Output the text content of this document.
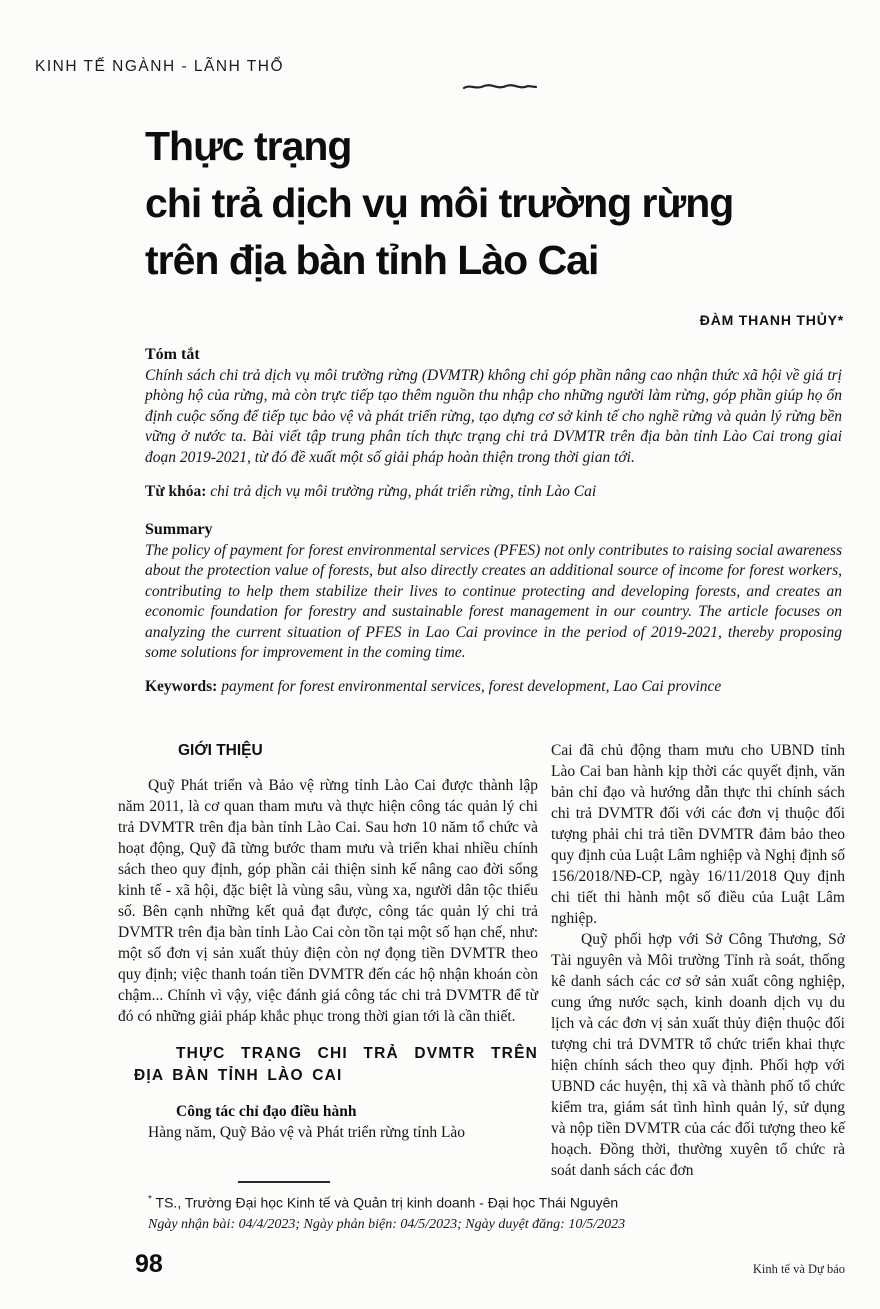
KINH TẾ NGÀNH - LÃNH THỔ
Thực trạng
chi trả dịch vụ môi trường rừng
trên địa bàn tỉnh Lào Cai
ĐÀM THANH THỦY*
Tóm tắt

Chính sách chi trả dịch vụ môi trường rừng (DVMTR) không chỉ góp phần nâng cao nhận thức xã hội về giá trị phòng hộ của rừng, mà còn trực tiếp tạo thêm nguồn thu nhập cho những người làm rừng, góp phần giúp họ ổn định cuộc sống để tiếp tục bảo vệ và phát triển rừng, tạo dựng cơ sở kinh tế cho nghề rừng và quản lý rừng bền vững ở nước ta. Bài viết tập trung phân tích thực trạng chi trả DVMTR trên địa bàn tỉnh Lào Cai trong giai đoạn 2019-2021, từ đó đề xuất một số giải pháp hoàn thiện trong thời gian tới.

Từ khóa: chi trả dịch vụ môi trường rừng, phát triển rừng, tỉnh Lào Cai

Summary

The policy of payment for forest environmental services (PFES) not only contributes to raising social awareness about the protection value of forests, but also directly creates an additional source of income for forest workers, contributing to help them stabilize their lives to continue protecting and developing forests, and creates an economic foundation for forestry and sustainable forest management in our country. The article focuses on analyzing the current situation of PFES in Lao Cai province in the period of 2019-2021, thereby proposing some solutions for improvement in the coming time.

Keywords: payment for forest environmental services, forest development, Lao Cai province

GIỚI THIỆU

Quỹ Phát triển và Bảo vệ rừng tỉnh Lào Cai được thành lập năm 2011, là cơ quan tham mưu và thực hiện công tác quản lý chi trả DVMTR trên địa bàn tỉnh Lào Cai. Sau hơn 10 năm tổ chức và hoạt động, Quỹ đã từng bước tham mưu và triển khai nhiều chính sách theo quy định, góp phần cải thiện sinh kế nâng cao đời sống kinh tế - xã hội, đặc biệt là vùng sâu, vùng xa, người dân tộc thiểu số. Bên cạnh những kết quả đạt được, công tác quản lý chi trả DVMTR trên địa bàn tỉnh Lào Cai còn tồn tại một số hạn chế, như: một số đơn vị sản xuất thủy điện còn nợ đọng tiền DVMTR theo quy định; việc thanh toán tiền DVMTR đến các hộ nhận khoán còn chậm... Chính vì vậy, việc đánh giá công tác chi trả DVMTR để từ đó có những giải pháp khắc phục trong thời gian tới là cần thiết.

THỰC TRẠNG CHI TRẢ DVMTR TRÊN ĐỊA BÀN TỈNH LÀO CAI
Công tác chỉ đạo điều hành

Hàng năm, Quỹ Bảo vệ và Phát triển rừng tỉnh Lào

Cai đã chủ động tham mưu cho UBND tỉnh Lào Cai ban hành kịp thời các quyết định, văn bản chỉ đạo và hướng dẫn thực thi chính sách chi trả DVMTR đối với các đơn vị thuộc đối tượng phải chi trả tiền DVMTR đảm bảo theo quy định của Luật Lâm nghiệp và Nghị định số 156/2018/NĐ-CP, ngày 16/11/2018 Quy định chi tiết thi hành một số điều của Luật Lâm nghiệp.

Quỹ phối hợp với Sở Công Thương, Sở Tài nguyên và Môi trường Tỉnh rà soát, thống kê danh sách các cơ sở sản xuất công nghiệp, cung ứng nước sạch, kinh doanh dịch vụ du lịch và các đơn vị sản xuất thủy điện thuộc đối tượng chi trả DVMTR tổ chức triển khai thực hiện chính sách theo quy định. Phối hợp với UBND các huyện, thị xã và thành phố tổ chức kiểm tra, giám sát tình hình quản lý, sử dụng và nộp tiền DVMTR của các đối tượng theo kế hoạch. Đồng thời, thường xuyên tổ chức rà soát danh sách các đơn

* TS., Trường Đại học Kinh tế và Quản trị kinh doanh - Đại học Thái Nguyên
Ngày nhận bài: 04/4/2023; Ngày phản biện: 04/5/2023; Ngày duyệt đăng: 10/5/2023
98	Kinh tế và Dự báo
